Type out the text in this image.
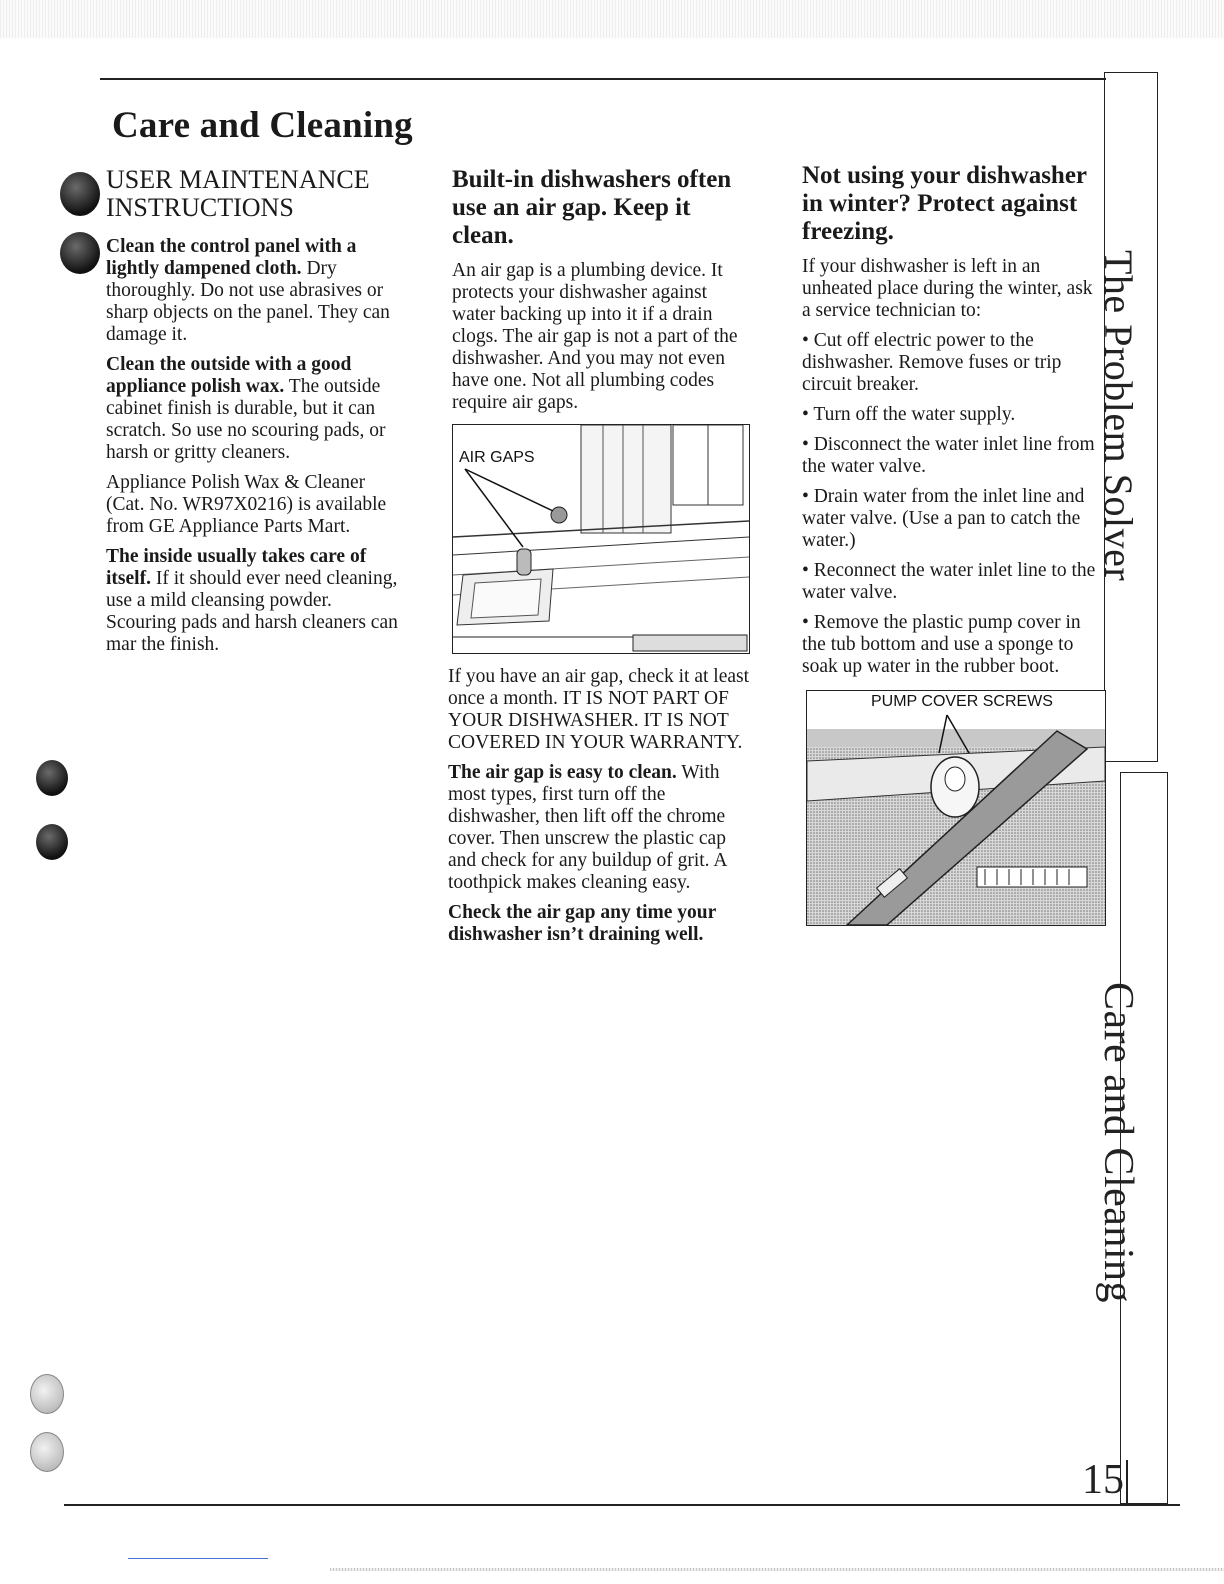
The Problem Solver
Care and Cleaning
Care and Cleaning
USER MAINTENANCE INSTRUCTIONS

Clean the control panel with a lightly dampened cloth. Dry thoroughly. Do not use abrasives or sharp objects on the panel. They can damage it.

Clean the outside with a good appliance polish wax. The outside cabinet finish is durable, but it can scratch. So use no scouring pads, or harsh or gritty cleaners.

Appliance Polish Wax & Cleaner (Cat. No. WR97X0216) is available from GE Appliance Parts Mart.

The inside usually takes care of itself. If it should ever need cleaning, use a mild cleansing powder. Scouring pads and harsh cleaners can mar the finish.

Built-in dishwashers often use an air gap. Keep it clean.

An air gap is a plumbing device. It protects your dishwasher against water backing up into it if a drain clogs. The air gap is not a part of the dishwasher. And you may not even have one. Not all plumbing codes require air gaps.

AIR GAPS

If you have an air gap, check it at least once a month. IT IS NOT PART OF YOUR DISHWASHER. IT IS NOT COVERED IN YOUR WARRANTY.

The air gap is easy to clean. With most types, first turn off the dishwasher, then lift off the chrome cover. Then unscrew the plastic cap and check for any buildup of grit. A toothpick makes cleaning easy.

Check the air gap any time your dishwasher isn’t draining well.

Not using your dishwasher in winter? Protect against freezing.

If your dishwasher is left in an unheated place during the winter, ask a service technician to:

• Cut off electric power to the dishwasher. Remove fuses or trip circuit breaker.

• Turn off the water supply.

• Disconnect the water inlet line from the water valve.

• Drain water from the inlet line and water valve. (Use a pan to catch the water.)

• Reconnect the water inlet line to the water valve.

• Remove the plastic pump cover in the tub bottom and use a sponge to soak up water in the rubber boot.

PUMP COVER SCREWS
15
